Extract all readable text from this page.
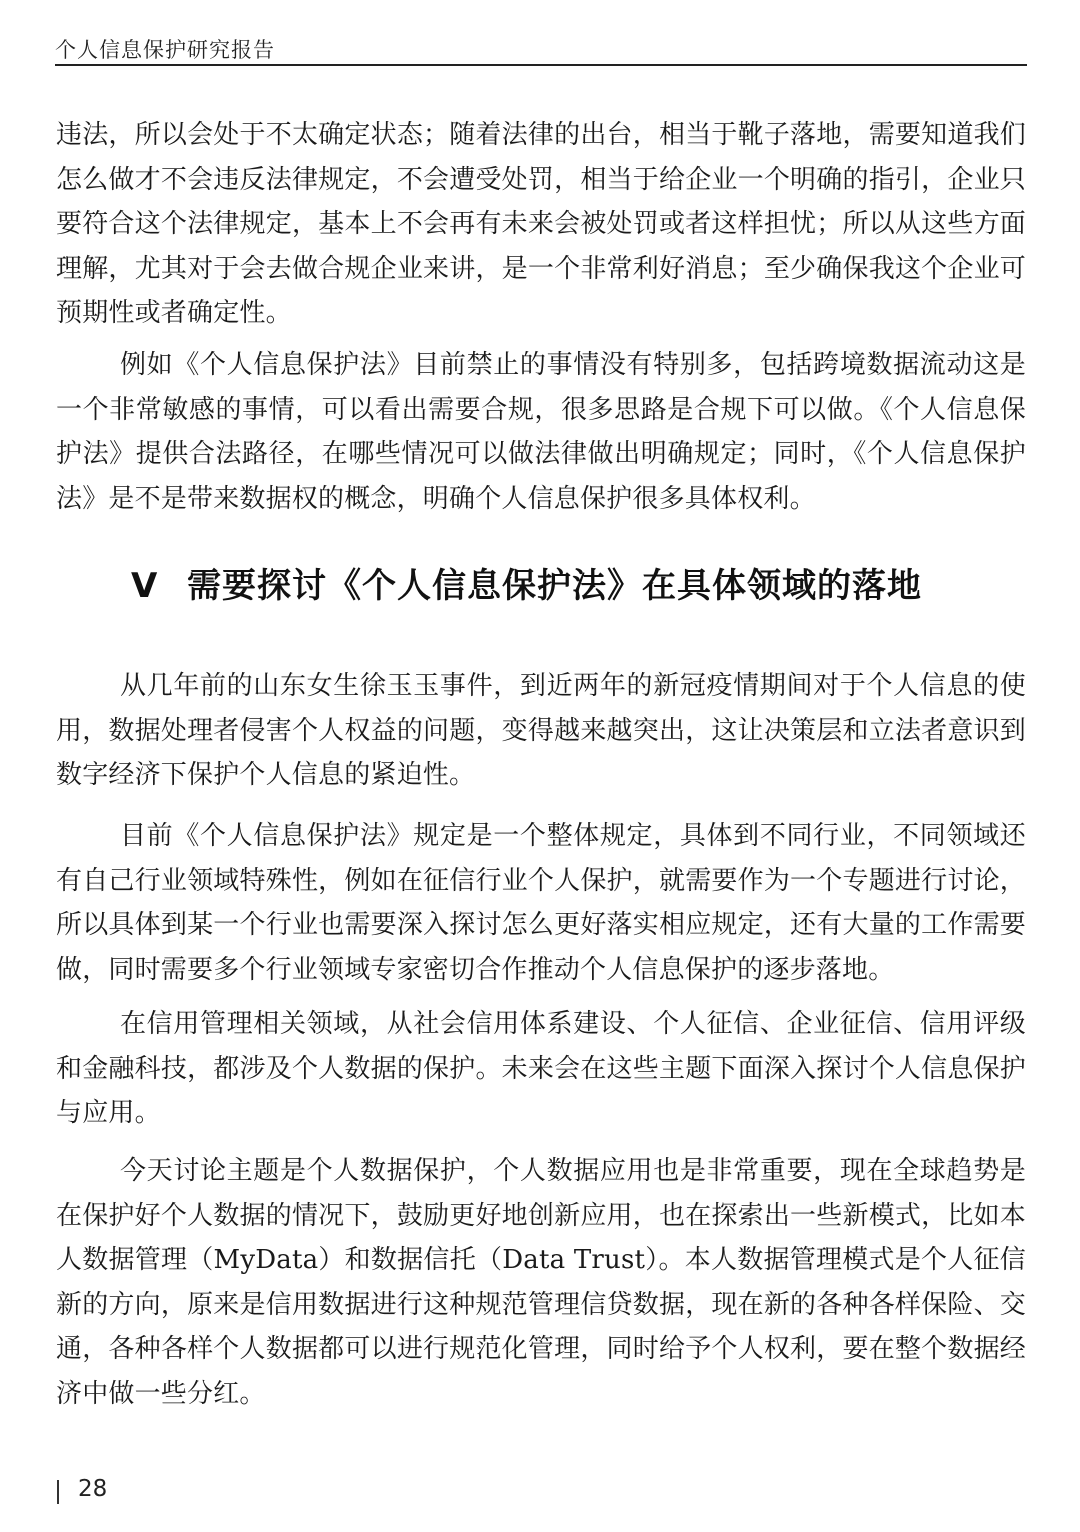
个人信息保护研究报告

违法，所以会处于不太确定状态；随着法律的出台，相当于靴子落地，需要知道我们怎么做才不会违反法律规定，不会遭受处罚，相当于给企业一个明确的指引，企业只要符合这个法律规定，基本上不会再有未来会被处罚或者这样担忧；所以从这些方面理解，尤其对于会去做合规企业来讲，是一个非常利好消息；至少确保我这个企业可预期性或者确定性。

例如《个人信息保护法》目前禁止的事情没有特别多，包括跨境数据流动这是一个非常敏感的事情，可以看出需要合规，很多思路是合规下可以做。《个人信息保护法》提供合法路径，在哪些情况可以做法律做出明确规定；同时，《个人信息保护法》是不是带来数据权的概念，明确个人信息保护很多具体权利。

V 需要探讨《个人信息保护法》在具体领域的落地

从几年前的山东女生徐玉玉事件，到近两年的新冠疫情期间对于个人信息的使用，数据处理者侵害个人权益的问题，变得越来越突出，这让决策层和立法者意识到数字经济下保护个人信息的紧迫性。

目前《个人信息保护法》规定是一个整体规定，具体到不同行业，不同领域还有自己行业领域特殊性，例如在征信行业个人保护，就需要作为一个专题进行讨论，所以具体到某一个行业也需要深入探讨怎么更好落实相应规定，还有大量的工作需要做，同时需要多个行业领域专家密切合作推动个人信息保护的逐步落地。

在信用管理相关领域，从社会信用体系建设、个人征信、企业征信、信用评级和金融科技，都涉及个人数据的保护。未来会在这些主题下面深入探讨个人信息保护与应用。

今天讨论主题是个人数据保护，个人数据应用也是非常重要，现在全球趋势是在保护好个人数据的情况下，鼓励更好地创新应用，也在探索出一些新模式，比如本人数据管理（MyData）和数据信托（Data Trust）。本人数据管理模式是个人征信新的方向，原来是信用数据进行这种规范管理信贷数据，现在新的各种各样保险、交通，各种各样个人数据都可以进行规范化管理，同时给予个人权利，要在整个数据经济中做一些分红。

28
